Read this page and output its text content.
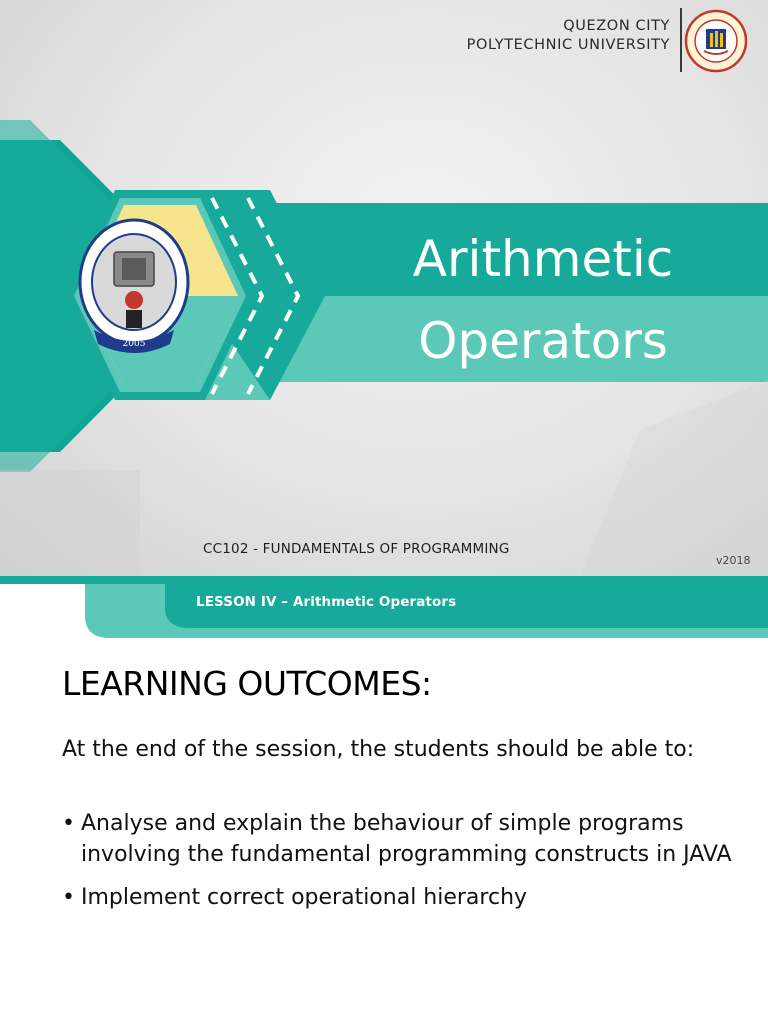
2005
QUEZON CITY
POLYTECHNIC UNIVERSITY
Arithmetic
Operators
CC102 - FUNDAMENTALS OF PROGRAMMING
v2018
LESSON IV – Arithmetic Operators
LEARNING OUTCOMES:
At the end of the session, the students should be able to:
• Analyse and explain the behaviour of simple programs involving the fundamental programming constructs in JAVA
• Implement correct operational hierarchy
